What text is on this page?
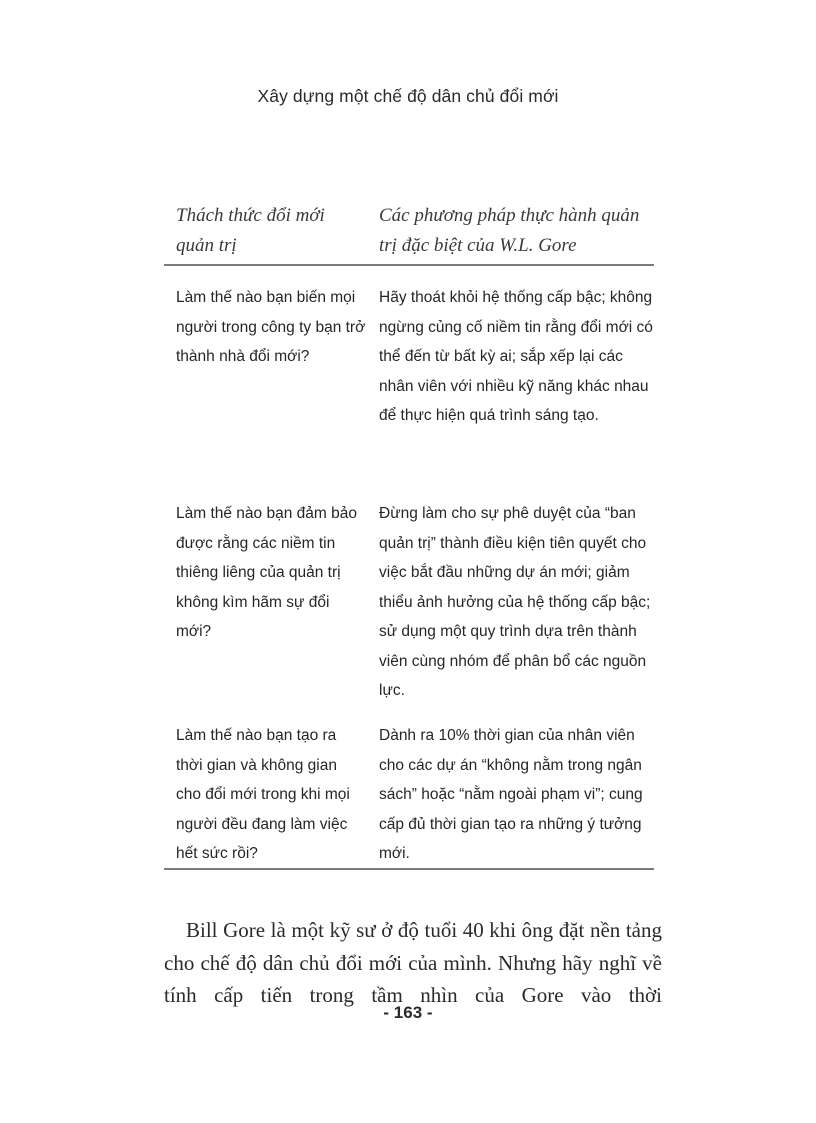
Xây dựng một chế độ dân chủ đổi mới
Thách thức đổi mới quản trị
Các phương pháp thực hành quản trị đặc biệt của W.L. Gore
Làm thế nào bạn biến mọi người trong công ty bạn trở thành nhà đổi mới?
Hãy thoát khỏi hệ thống cấp bậc; không ngừng củng cố niềm tin rằng đổi mới có thể đến từ bất kỳ ai; sắp xếp lại các nhân viên với nhiều kỹ năng khác nhau để thực hiện quá trình sáng tạo.
Làm thế nào bạn đảm bảo được rằng các niềm tin thiêng liêng của quản trị không kìm hãm sự đổi mới?
Đừng làm cho sự phê duyệt của “ban quản trị” thành điều kiện tiên quyết cho việc bắt đầu những dự án mới; giảm thiểu ảnh hưởng của hệ thống cấp bậc; sử dụng một quy trình dựa trên thành viên cùng nhóm để phân bổ các nguồn lực.
Làm thế nào bạn tạo ra thời gian và không gian cho đổi mới trong khi mọi người đều đang làm việc hết sức rồi?
Dành ra 10% thời gian của nhân viên cho các dự án “không nằm trong ngân sách” hoặc “nằm ngoài phạm vi”; cung cấp đủ thời gian tạo ra những ý tưởng mới.

Bill Gore là một kỹ sư ở độ tuổi 40 khi ông đặt nền tảng cho chế độ dân chủ đổi mới của mình. Nhưng hãy nghĩ về tính cấp tiến trong tầm nhìn của Gore vào thời

- 163 -
